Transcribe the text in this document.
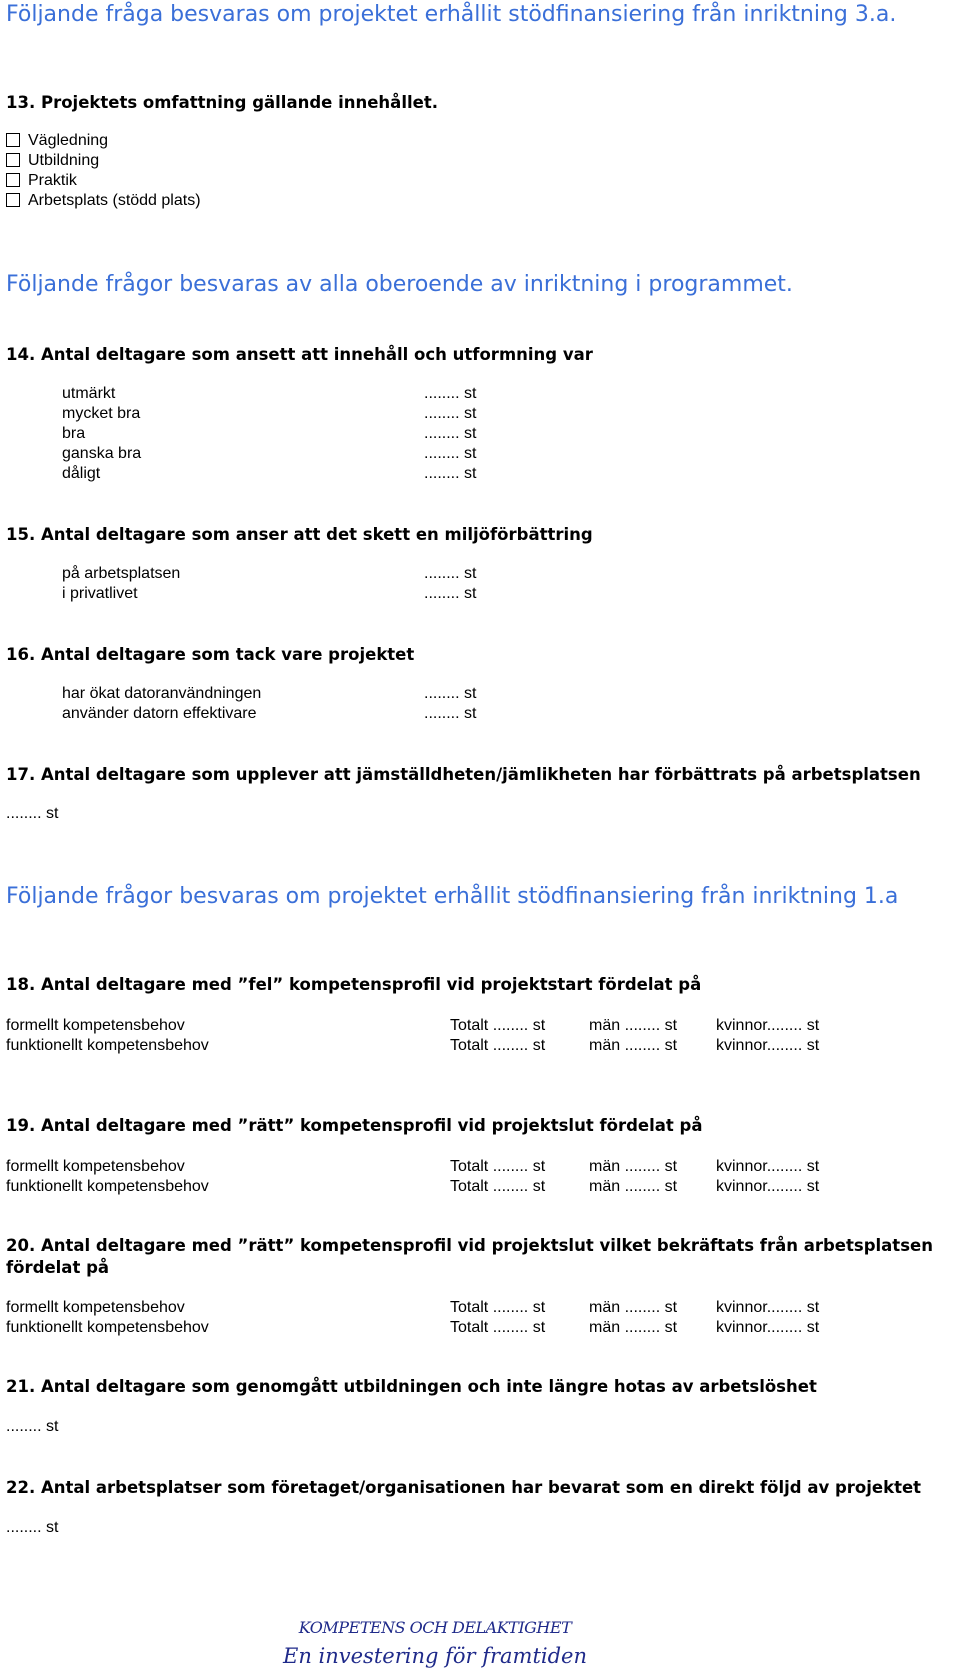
Följande fråga besvaras om projektet erhållit stödfinansiering från inriktning 3.a.
13. Projektets omfattning gällande innehållet.
Vägledning
Utbildning
Praktik
Arbetsplats (stödd plats)
Följande frågor besvaras av alla oberoende av inriktning i programmet.
14. Antal deltagare som ansett att innehåll och utformning var
utmärkt	........ st
mycket bra	........ st
bra	........ st
ganska bra	........ st
dåligt	........ st
15. Antal deltagare som anser att det skett en miljöförbättring
på arbetsplatsen	........ st
i privatlivet	........ st
16. Antal deltagare som tack vare projektet
har ökat datoranvändningen	........ st
använder datorn effektivare	........ st
17. Antal deltagare som upplever att jämställdheten/jämlikheten har förbättrats på arbetsplatsen
........ st
Följande frågor besvaras om projektet erhållit stödfinansiering från inriktning 1.a
18. Antal deltagare med ”fel” kompetensprofil vid projektstart fördelat på
formellt kompetensbehov	Totalt ........ st	män ........ st kvinnor........ st
funktionellt kompetensbehov	Totalt ........ st	män ........ st kvinnor........ st
19. Antal deltagare med ”rätt” kompetensprofil vid projektslut fördelat på
formellt kompetensbehov	Totalt ........ st	män ........ st kvinnor........ st
funktionellt kompetensbehov	Totalt ........ st	män ........ st kvinnor........ st
20. Antal deltagare med ”rätt” kompetensprofil vid projektslut vilket bekräftats från arbetsplatsen
fördelat på
formellt kompetensbehov	Totalt ........ st	män ........ st kvinnor........ st
funktionellt kompetensbehov	Totalt ........ st	män ........ st kvinnor........ st
21. Antal deltagare som genomgått utbildningen och inte längre hotas av arbetslöshet
........ st
22. Antal arbetsplatser som företaget/organisationen har bevarat som en direkt följd av projektet
........ st
KOMPETENS OCH DELAKTIGHET
En investering för framtiden
